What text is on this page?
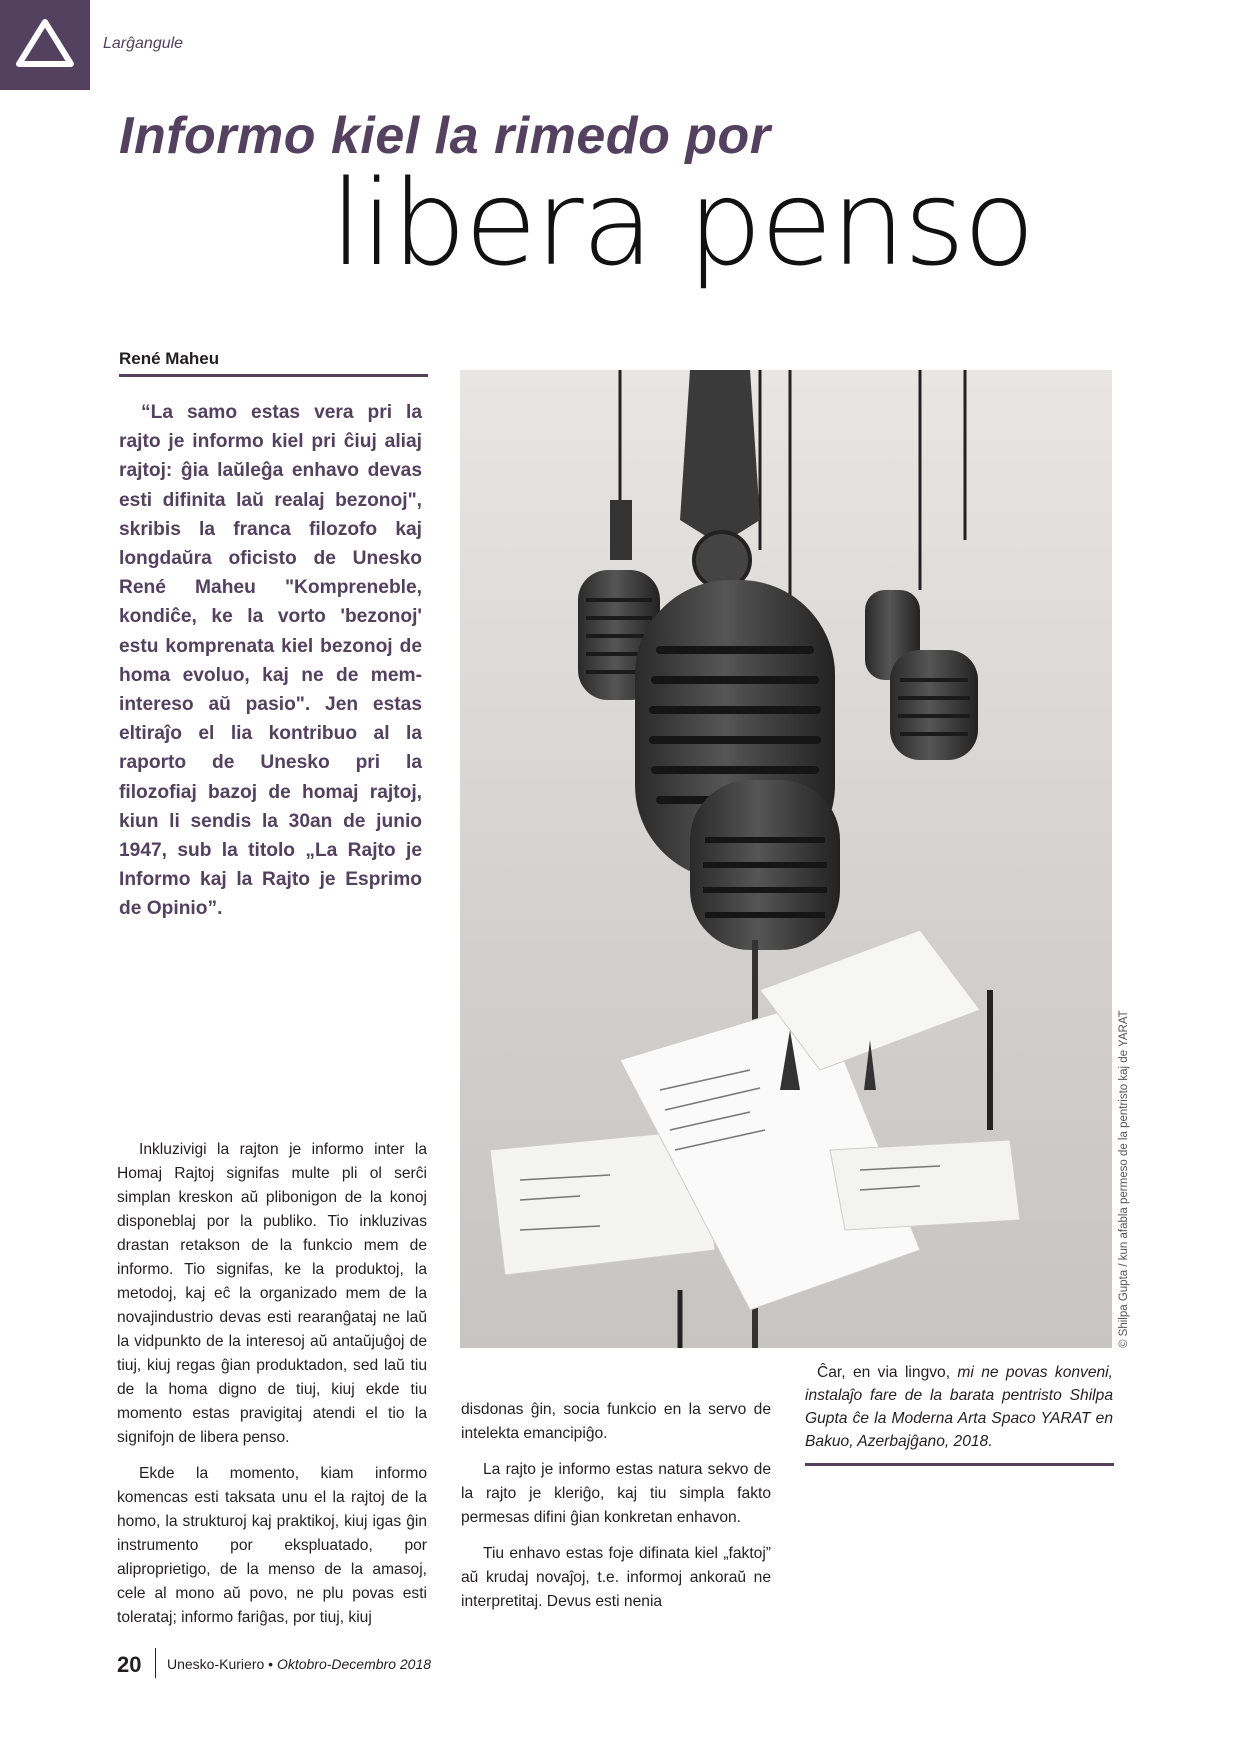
Larĝangule
Informo kiel la rimedo por
libera penso
René Maheu

“La samo estas vera pri la rajto je informo kiel pri ĉiuj aliaj rajtoj: ĝia laŭleĝa enhavo devas esti difinita laŭ realaj bezonoj", skribis la franca filozofo kaj longdaŭra oficisto de Unesko René Maheu "Kompreneble, kondiĉe, ke la vorto 'bezonoj' estu komprenata kiel bezonoj de homa evoluo, kaj ne de mem-intereso aŭ pasio". Jen estas eltiraĵo el lia kontribuo al la raporto de Unesko pri la filozofiaj bazoj de homaj rajtoj, kiun li sendis la 30an de junio 1947, sub la titolo „La Rajto je Informo kaj la Rajto je Esprimo de Opinio”.

© Shilpa Gupta / kun afabla permeso de la pentristo kaj de YARAT

Inkluzivigi la rajton je informo inter la Homaj Rajtoj signifas multe pli ol serĉi simplan kreskon aŭ plibonigon de la konoj disponeblaj por la publiko. Tio inkluzivas drastan retakson de la funkcio mem de informo. Tio signifas, ke la produktoj, la metodoj, kaj eĉ la organizado mem de la novajindustrio devas esti rearanĝataj ne laŭ la vidpunkto de la interesoj aŭ antaŭjuĝoj de tiuj, kiuj regas ĝian produktadon, sed laŭ tiu de la homa digno de tiuj, kiuj ekde tiu momento estas pravigitaj atendi el tio la signifojn de libera penso.

Ekde la momento, kiam informo komencas esti taksata unu el la rajtoj de la homo, la strukturoj kaj praktikoj, kiuj igas ĝin instrumento por ekspluatado, por aliproprietigo, de la menso de la amasoj, cele al mono aŭ povo, ne plu povas esti tolerataj; informo fariĝas, por tiuj, kiuj

disdonas ĝin, socia funkcio en la servo de intelekta emancipiĝo.

La rajto je informo estas natura sekvo de la rajto je kleriĝo, kaj tiu simpla fakto permesas difini ĝian konkretan enhavon.

Tiu enhavo estas foje difinata kiel „faktoj” aŭ krudaj novaĵoj, t.e. informoj ankoraŭ ne interpretitaj. Devus esti nenia

Ĉar, en via lingvo, mi ne povas konveni, instalaĵo fare de la barata pentristo Shilpa Gupta ĉe la Moderna Arta Spaco YARAT en Bakuo, Azerbajĝano, 2018.

20 Unesko-Kuriero • Oktobro-Decembro 2018
